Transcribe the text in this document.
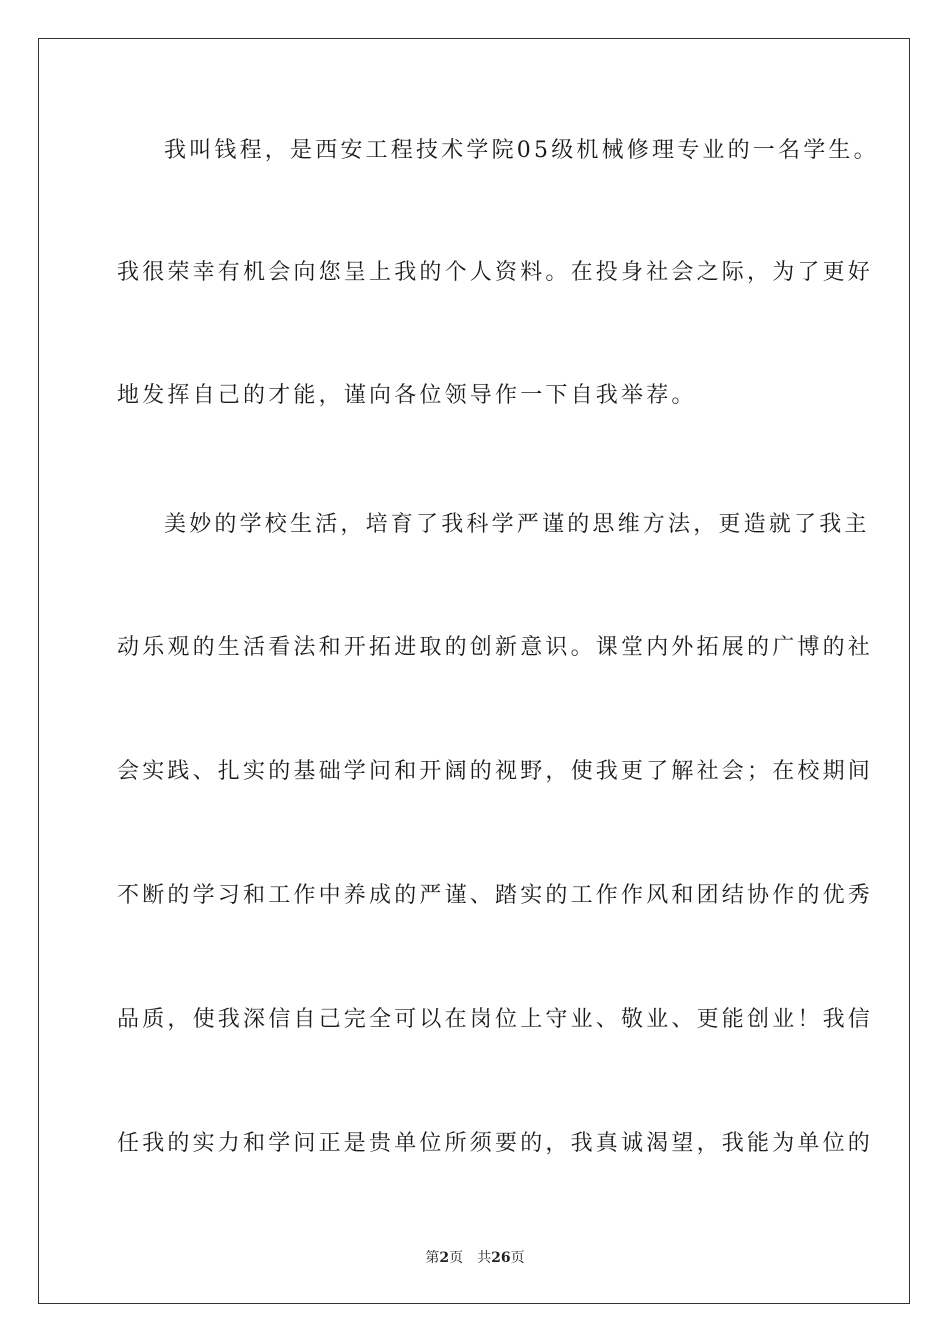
我叫钱程，是西安工程技术学院05级机械修理专业的一名学生。
我很荣幸有机会向您呈上我的个人资料。在投身社会之际，为了更好
地发挥自己的才能，谨向各位领导作一下自我举荐。
美妙的学校生活，培育了我科学严谨的思维方法，更造就了我主
动乐观的生活看法和开拓进取的创新意识。课堂内外拓展的广博的社
会实践、扎实的基础学问和开阔的视野，使我更了解社会；在校期间
不断的学习和工作中养成的严谨、踏实的工作作风和团结协作的优秀
品质，使我深信自己完全可以在岗位上守业、敬业、更能创业！我信
任我的实力和学问正是贵单位所须要的，我真诚渴望，我能为单位的
第2页 共26页
